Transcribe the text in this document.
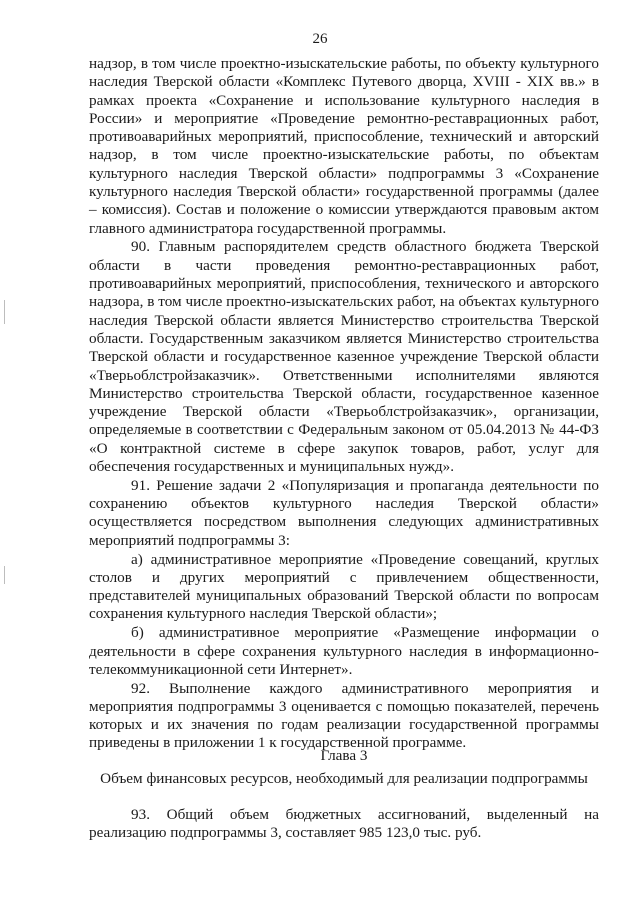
26

надзор, в том числе проектно-изыскательские работы, по объекту культурного наследия Тверской области «Комплекс Путевого дворца, XVIII - XIX вв.» в рамках проекта «Сохранение и использование культурного наследия в России» и мероприятие «Проведение ремонтно-реставрационных работ, противоаварийных мероприятий, приспособление, технический и авторский надзор, в том числе проектно-изыскательские работы, по объектам культурного наследия Тверской области» подпрограммы 3 «Сохранение культурного наследия Тверской области» государственной программы (далее – комиссия). Состав и положение о комиссии утверждаются правовым актом главного администратора государственной программы.

90. Главным распорядителем средств областного бюджета Тверской области в части проведения ремонтно-реставрационных работ, противоаварийных мероприятий, приспособления, технического и авторского надзора, в том числе проектно-изыскательских работ, на объектах культурного наследия Тверской области является Министерство строительства Тверской области. Государственным заказчиком является Министерство строительства Тверской области и государственное казенное учреждение Тверской области «Тверьоблстройзаказчик». Ответственными исполнителями являются Министерство строительства Тверской области, государственное казенное учреждение Тверской области «Тверьоблстройзаказчик», организации, определяемые в соответствии с Федеральным законом от 05.04.2013 № 44-ФЗ «О контрактной системе в сфере закупок товаров, работ, услуг для обеспечения государственных и муниципальных нужд».

91. Решение задачи 2 «Популяризация и пропаганда деятельности по сохранению объектов культурного наследия Тверской области» осуществляется посредством выполнения следующих административных мероприятий подпрограммы 3:

а) административное мероприятие «Проведение совещаний, круглых столов и других мероприятий с привлечением общественности, представителей муниципальных образований Тверской области по вопросам сохранения культурного наследия Тверской области»;

б) административное мероприятие «Размещение информации о деятельности в сфере сохранения культурного наследия в информационно-телекоммуникационной сети Интернет».

92. Выполнение каждого административного мероприятия и мероприятия подпрограммы 3 оценивается с помощью показателей, перечень которых и их значения по годам реализации государственной программы приведены в приложении 1 к государственной программе.

Глава 3
Объем финансовых ресурсов, необходимый для реализации подпрограммы

93. Общий объем бюджетных ассигнований, выделенный на реализацию подпрограммы 3, составляет 985 123,0 тыс. руб.
